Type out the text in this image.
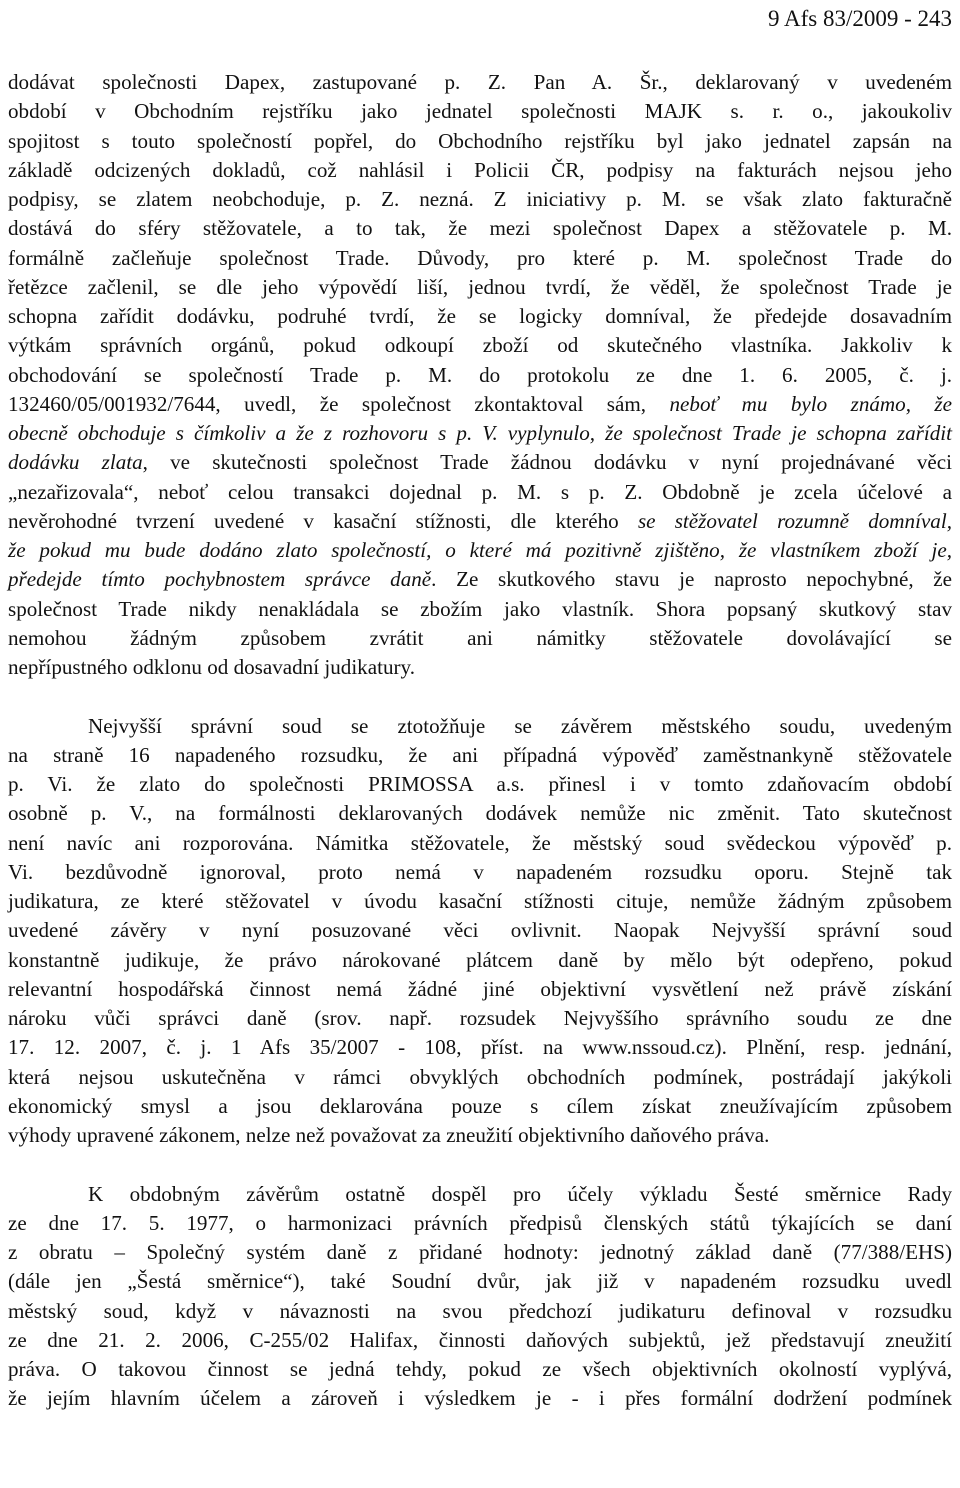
9 Afs 83/2009 - 243
dodávat společnosti Dapex, zastupované p. Z. Pan A. Šr., deklarovaný v uvedeném
období v Obchodním rejstříku jako jednatel společnosti MAJK s. r. o., jakoukoliv
spojitost s touto společností popřel, do Obchodního rejstříku byl jako jednatel zapsán na
základě odcizených dokladů, což nahlásil i Policii ČR, podpisy na fakturách nejsou jeho
podpisy, se zlatem neobchoduje, p. Z. nezná. Z iniciativy p. M. se však zlato fakturačně
dostává do sféry stěžovatele, a to tak, že mezi společnost Dapex a stěžovatele p. M.
formálně začleňuje společnost Trade. Důvody, pro které p. M. společnost Trade do
řetězce začlenil, se dle jeho výpovědí liší, jednou tvrdí, že věděl, že společnost Trade je
schopna zařídit dodávku, podruhé tvrdí, že se logicky domníval, že předejde dosavadním
výtkám správních orgánů, pokud odkoupí zboží od skutečného vlastníka. Jakkoliv k
obchodování se společností Trade p. M. do protokolu ze dne 1. 6. 2005, č. j.
132460/05/001932/7644, uvedl, že společnost zkontaktoval sám, neboť mu bylo známo, že
obecně obchoduje s čímkoliv a že z rozhovoru s p. V. vyplynulo, že společnost Trade je schopna zařídit
dodávku zlata, ve skutečnosti společnost Trade žádnou dodávku v nyní projednávané věci
„nezařizovala“, neboť celou transakci dojednal p. M. s p. Z. Obdobně je zcela účelové a
nevěrohodné tvrzení uvedené v kasační stížnosti, dle kterého se stěžovatel rozumně domníval,
že pokud mu bude dodáno zlato společností, o které má pozitivně zjištěno, že vlastníkem zboží je,
předejde tímto pochybnostem správce daně. Ze skutkového stavu je naprosto nepochybné, že
společnost Trade nikdy nenakládala se zbožím jako vlastník. Shora popsaný skutkový stav
nemohou žádným způsobem zvrátit ani námitky stěžovatele dovolávající se
nepřípustného odklonu od dosavadní judikatury.
Nejvyšší správní soud se ztotožňuje se závěrem městského soudu, uvedeným
na straně 16 napadeného rozsudku, že ani případná výpověď zaměstnankyně stěžovatele
p. Vi. že zlato do společnosti PRIMOSSA a.s. přinesl i v tomto zdaňovacím období
osobně p. V., na formálnosti deklarovaných dodávek nemůže nic změnit. Tato skutečnost
není navíc ani rozporována. Námitka stěžovatele, že městský soud svědeckou výpověď p.
Vi. bezdůvodně ignoroval, proto nemá v napadeném rozsudku oporu. Stejně tak
judikatura, ze které stěžovatel v úvodu kasační stížnosti cituje, nemůže žádným způsobem
uvedené závěry v nyní posuzované věci ovlivnit. Naopak Nejvyšší správní soud
konstantně judikuje, že právo nárokované plátcem daně by mělo být odepřeno, pokud
relevantní hospodářská činnost nemá žádné jiné objektivní vysvětlení než právě získání
nároku vůči správci daně (srov. např. rozsudek Nejvyššího správního soudu ze dne
17. 12. 2007, č. j. 1 Afs 35/2007 - 108, příst. na www.nssoud.cz). Plnění, resp. jednání,
která nejsou uskutečněna v rámci obvyklých obchodních podmínek, postrádají jakýkoli
ekonomický smysl a jsou deklarována pouze s cílem získat zneužívajícím způsobem
výhody upravené zákonem, nelze než považovat za zneužití objektivního daňového práva.
K obdobným závěrům ostatně dospěl pro účely výkladu Šesté směrnice Rady
ze dne 17. 5. 1977, o harmonizaci právních předpisů členských států týkajících se daní
z obratu – Společný systém daně z přidané hodnoty: jednotný základ daně (77/388/EHS)
(dále jen „Šestá směrnice“), také Soudní dvůr, jak již v napadeném rozsudku uvedl
městský soud, když v návaznosti na svou předchozí judikaturu definoval v rozsudku
ze dne 21. 2. 2006, C-255/02 Halifax, činnosti daňových subjektů, jež představují zneužití
práva. O takovou činnost se jedná tehdy, pokud ze všech objektivních okolností vyplývá,
že jejím hlavním účelem a zároveň i výsledkem je - i přes formální dodržení podmínek
